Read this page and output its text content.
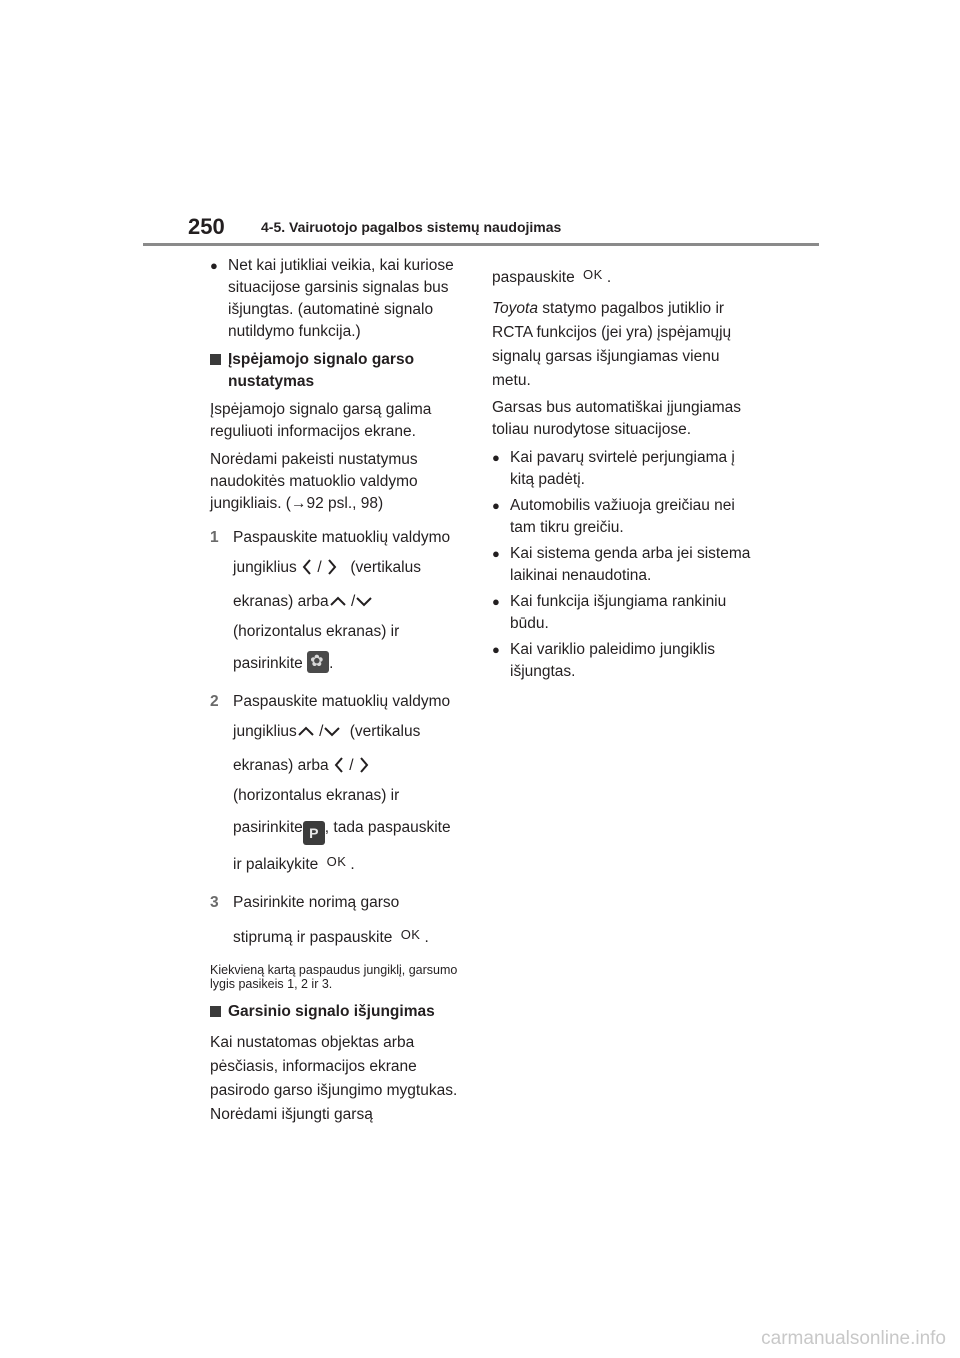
250	4-5. Vairuotojo pagalbos sistemų naudojimas
● Net kai jutikliai veikia, kai kuriose situacijose garsinis signalas bus išjungtas. (automatinė signalo nutildymo funkcija.)
Įspėjamojo signalo garso nustatymas

Įspėjamojo signalo garsą galima reguliuoti informacijos ekrane.

Norėdami pakeisti nustatymus naudokitės matuoklio valdymo jungikliais. (→92 psl., 98)

1 Paspauskite matuoklių valdymo
jungiklius / (vertikalus
ekranas) arba /
(horizontalus ekranas) ir
pasirinkite ✿ .
2 Paspauskite matuoklių valdymo
jungiklius / (vertikalus
ekranas) arba /
(horizontalus ekranas) ir
pasirinkite P , tada paspauskite
ir palaikykite OK .
3 Pasirinkite norimą garso
stiprumą ir paspauskite OK .

Kiekvieną kartą paspaudus jungiklį, garsumo lygis pasikeis 1, 2 ir 3.

Garsinio signalo išjungimas

Kai nustatomas objektas arba pėsčiasis, informacijos ekrane pasirodo garso išjungimo mygtukas. Norėdami išjungti garsą

paspauskite OK .

Toyota statymo pagalbos jutiklio ir RCTA funkcijos (jei yra) įspėjamųjų signalų garsas išjungiamas vienu metu.

Garsas bus automatiškai įjungiamas toliau nurodytose situacijose.

● Kai pavarų svirtelė perjungiama į kitą padėtį.
● Automobilis važiuoja greičiau nei tam tikru greičiu.
● Kai sistema genda arba jei sistema laikinai nenaudotina.
● Kai funkcija išjungiama rankiniu būdu.
● Kai variklio paleidimo jungiklis išjungtas.
carmanualsonline.info
